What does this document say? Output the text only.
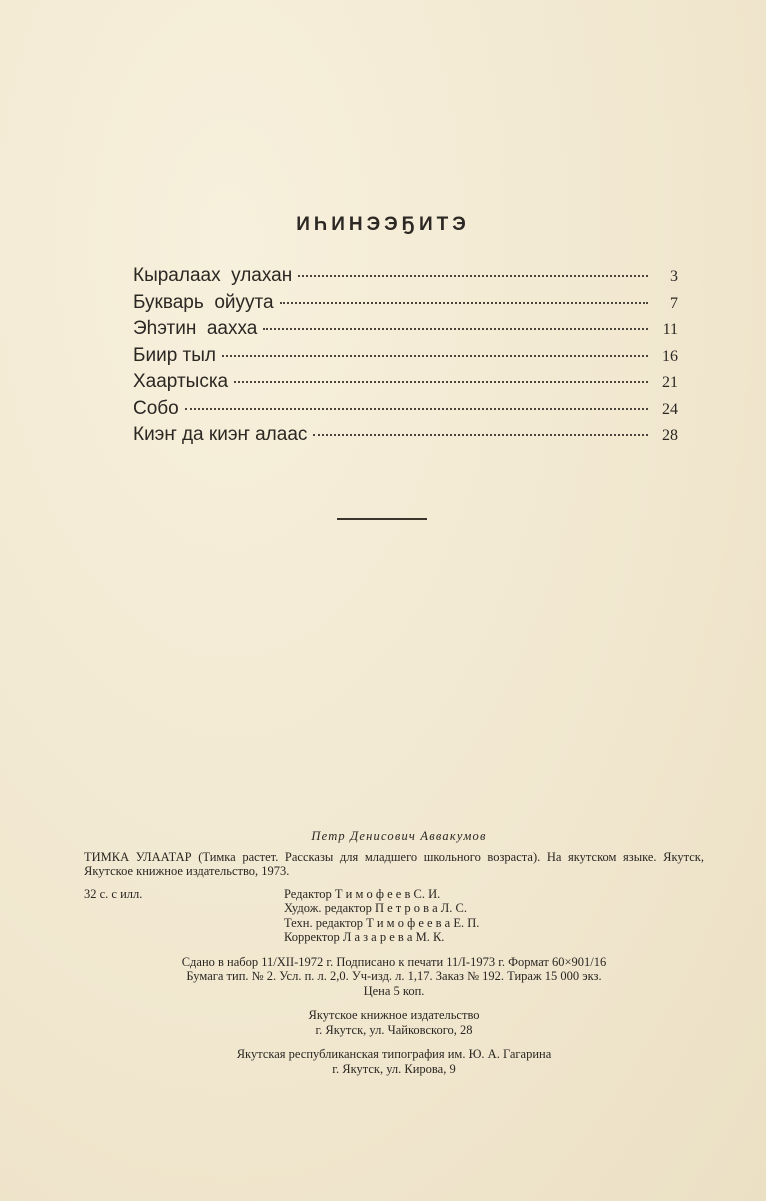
ИҺИНЭЭҔИТЭ
Кыралаах  улахан	3
Букварь  ойуута	7
Эһэтин  аахха	11
Биир тыл	16
Хаартыска	21
Собо	24
Киэҥ да киэҥ алаас	28
Петр Денисович Аввакумов
ТИМКА УЛААТАР (Тимка растет. Рассказы для младшего школьного возраста). На якутском языке. Якутск, Якутское книжное издательство, 1973.
32 с. с илл.	Редактор Т и м о ф е е в С. И.
Худож. редактор П е т р о в а Л. С.
Техн. редактор Т и м о ф е е в а Е. П.
Корректор Л а з а р е в а М. К.
Сдано в набор 11/XII-1972 г. Подписано к печати 11/I-1973 г. Формат 60×901/16
Бумага тип. № 2. Усл. п. л. 2,0. Уч-изд. л. 1,17. Заказ № 192. Тираж 15 000 экз.
Цена 5 коп.
Якутское книжное издательство
г. Якутск, ул. Чайковского, 28
Якутская республиканская типография им. Ю. А. Гагарина
г. Якутск, ул. Кирова, 9
